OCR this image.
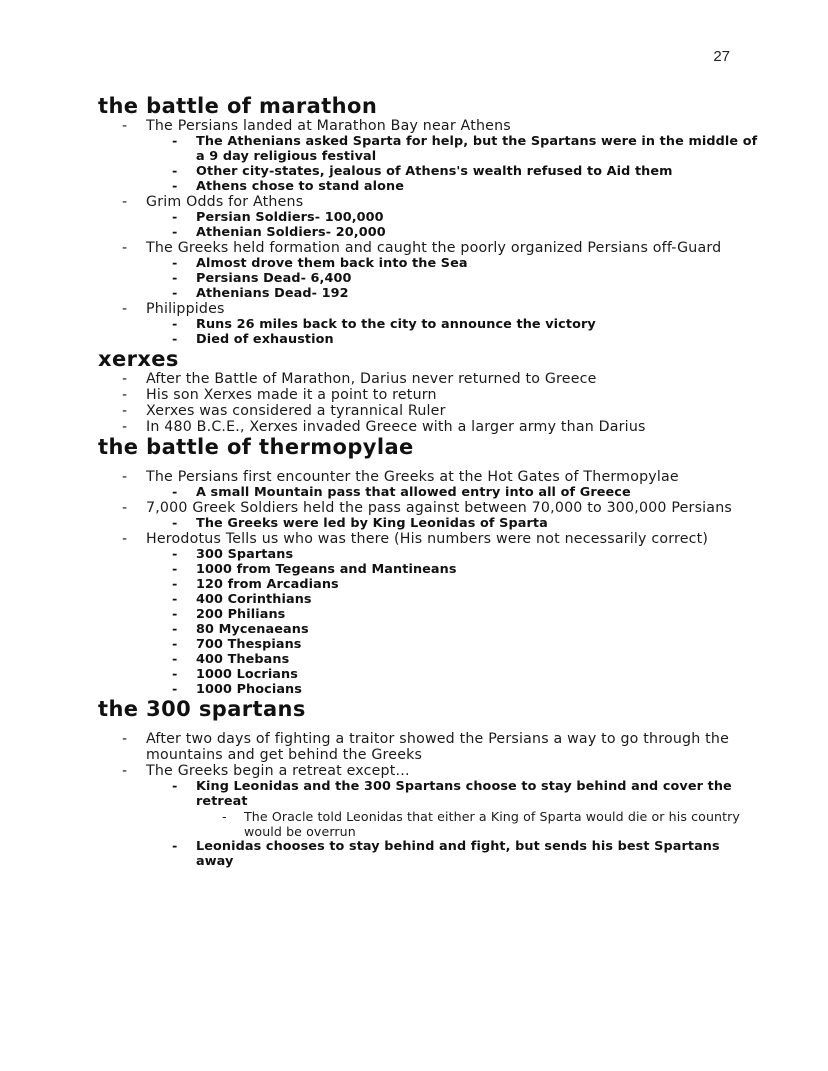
27
the battle of marathon
- The Persians landed at Marathon Bay near Athens
- The Athenians asked Sparta for help, but the Spartans were in the middle of a 9 day religious festival
- Other city-states, jealous of Athens's wealth refused to Aid them
- Athens chose to stand alone
- Grim Odds for Athens
- Persian Soldiers- 100,000
- Athenian Soldiers- 20,000
- The Greeks held formation and caught the poorly organized Persians off-Guard
- Almost drove them back into the Sea
- Persians Dead- 6,400
- Athenians Dead- 192
- Philippides
- Runs 26 miles back to the city to announce the victory
- Died of exhaustion
xerxes
- After the Battle of Marathon, Darius never returned to Greece
- His son Xerxes made it a point to return
- Xerxes was considered a tyrannical Ruler
- In 480 B.C.E., Xerxes invaded Greece with a larger army than Darius
the battle of thermopylae
- The Persians first encounter the Greeks at the Hot Gates of Thermopylae
- A small Mountain pass that allowed entry into all of Greece
- 7,000 Greek Soldiers held the pass against between 70,000 to 300,000 Persians
- The Greeks were led by King Leonidas of Sparta
- Herodotus Tells us who was there (His numbers were not necessarily correct)
- 300 Spartans
- 1000 from Tegeans and Mantineans
- 120 from Arcadians
- 400 Corinthians
- 200 Philians
- 80 Mycenaeans
- 700 Thespians
- 400 Thebans
- 1000 Locrians
- 1000 Phocians
the 300 spartans
- After two days of fighting a traitor showed the Persians a way to go through the mountains and get behind the Greeks
- The Greeks begin a retreat except...
- King Leonidas and the 300 Spartans choose to stay behind and cover the retreat
- The Oracle told Leonidas that either a King of Sparta would die or his country would be overrun
- Leonidas chooses to stay behind and fight, but sends his best Spartans away
